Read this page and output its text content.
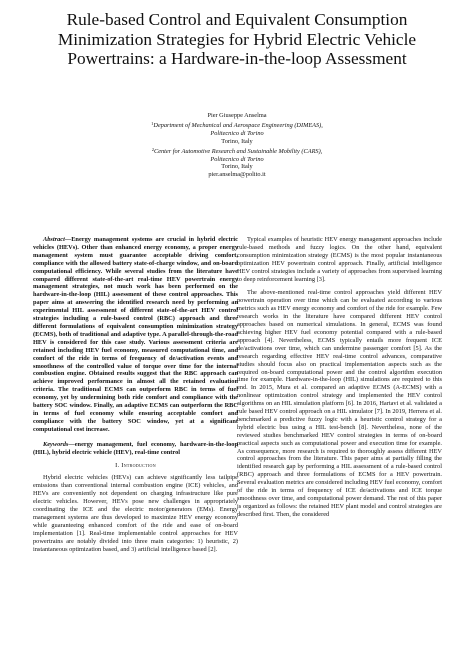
Rule-based Control and Equivalent Consumption Minimization Strategies for Hybrid Electric Vehicle Powertrains: a Hardware-in-the-loop Assessment
Pier Giuseppe Anselma
$^1$Department of Mechanical and Aerospace Engineering (DIMEAS), Politecnico di Torino
Torino, Italy
$^2$Center for Automotive Research and Sustainable Mobility (CARS), Politecnico di Torino
Torino, Italy
pier.anselma@polito.it

Abstract—Energy management systems are crucial in hybrid electric vehicles (HEVs). Other than enhanced energy economy, a proper energy management system must guarantee acceptable driving comfort, compliance with the allowed battery state-of-charge window, and on-board computational efficiency. While several studies from the literature have compared different state-of-the-art real-time HEV powertrain energy management strategies, not much work has been performed on the hardware-in-the-loop (HIL) assessment of these control approaches. This paper aims at answering the identified research need by performing an experimental HIL assessment of different state-of-the-art HEV control strategies including a rule-based control (RBC) approach and three different formulations of equivalent consumption minimization strategy (ECMS), both of traditional and adaptive type. A parallel-through-the-road HEV is considered for this case study. Various assessment criteria are retained including HEV fuel economy, measured computational time, and comfort of the ride in terms of frequency of de/activation events and smoothness of the controlled value of torque over time for the internal combustion engine. Obtained results suggest that the RBC approach can achieve improved performance in almost all the retained evaluation criteria. The traditional ECMS can outperform RBC in terms of fuel economy, yet by undermining both ride comfort and compliance with the battery SOC window. Finally, an adaptive ECMS can outperform the RBC in terms of fuel economy while ensuring acceptable comfort and compliance with the battery SOC window, yet at a significant computational cost increase.

Keywords—energy management, fuel economy, hardware-in-the-loop (HIL), hybrid electric vehicle (HEV), real-time control

I. Introduction

Hybrid electric vehicles (HEVs) can achieve significantly less tailpipe emissions than conventional internal combustion engine (ICE) vehicles, and HEVs are conveniently not dependent on charging infrastructure like pure electric vehicles. However, HEVs pose new challenges in appropriately coordinating the ICE and the electric motor/generators (EMs). Energy management systems are thus developed to maximize HEV energy economy while guaranteeing enhanced comfort of the ride and ease of on-board implementation [1]. Real-time implementable control approaches for HEV powertrains are notably divided into three main categories: 1) heuristic, 2) instantaneous optimization based, and 3) artificial intelligence based [2].

Typical examples of heuristic HEV energy management approaches include rule-based methods and fuzzy logics. On the other hand, equivalent consumption minimization strategy (ECMS) is the most popular instantaneous optimization HEV powertrain control approach. Finally, artificial intelligence HEV control strategies include a variety of approaches from supervised learning to deep reinforcement learning [3].

The above-mentioned real-time control approaches yield different HEV powertrain operation over time which can be evaluated according to various metrics such as HEV energy economy and comfort of the ride for example. Few research works in the literature have compared different HEV control approaches based on numerical simulations. In general, ECMS was found achieving higher HEV fuel economy potential compared with a rule-based approach [4]. Nevertheless, ECMS typically entails more frequent ICE de/activations over time, which can undermine passenger comfort [5]. As the research regarding effective HEV real-time control advances, comparative studies should focus also on practical implementation aspects such as the required on-board computational power and the control algorithm execution time for example. Hardware-in-the-loop (HIL) simulations are required to this end. In 2015, Mura et al. compared an adaptive ECMS (A-ECMS) with a nonlinear optimization control strategy and implemented the HEV control algorithms on an HIL simulation platform [6]. In 2016, Hartavi et al. validated a rule based HEV control approach on a HIL simulator [7]. In 2019, Herrera et al. benchmarked a predictive fuzzy logic with a heuristic control strategy for a hybrid electric bus using a HIL test-bench [8]. Nevertheless, none of the reviewed studies benchmarked HEV control strategies in terms of on-board practical aspects such as computational power and execution time for example. As consequence, more research is required to thoroughly assess different HEV control approaches from the literature. This paper aims at partially filling the identified research gap by performing a HIL assessment of a rule-based control (RBC) approach and three formulations of ECMS for a HEV powertrain. Several evaluation metrics are considered including HEV fuel economy, comfort of the ride in terms of frequency of ICE de/activations and ICE torque smoothness over time, and computational power demand. The rest of this paper is organized as follows: the retained HEV plant model and control strategies are described first. Then, the considered
